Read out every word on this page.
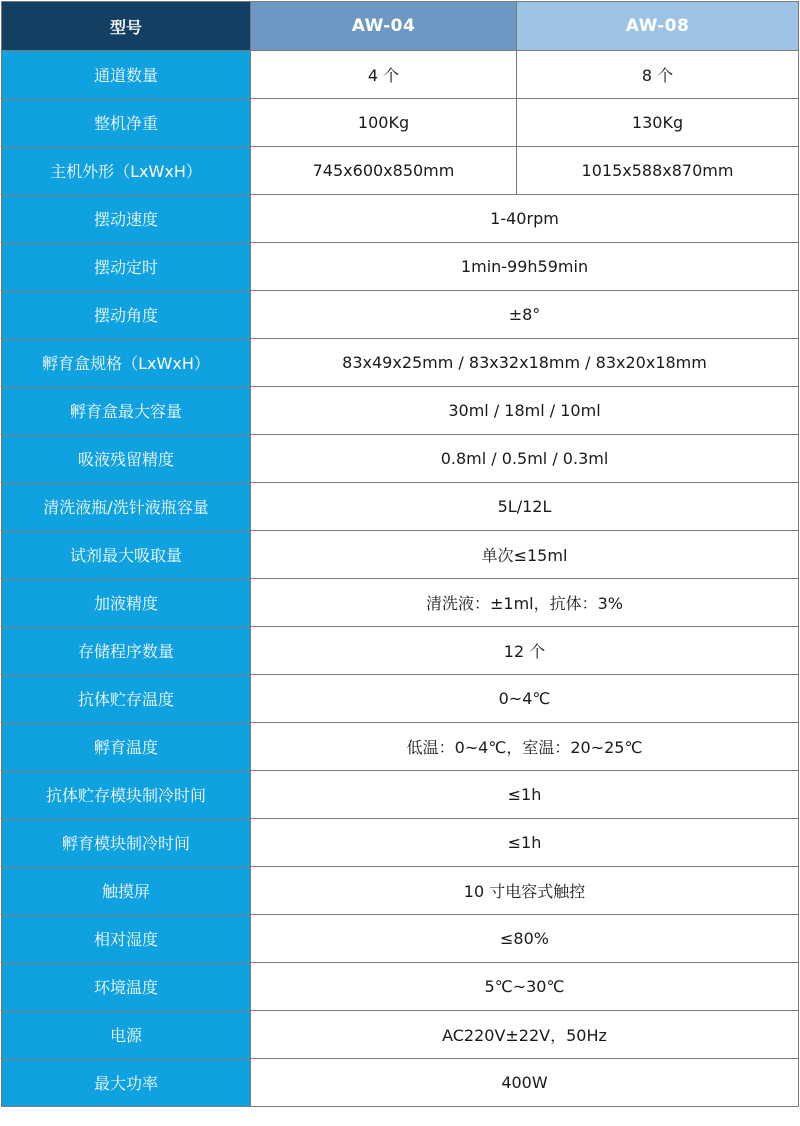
型号	AW-04	AW-08
通道数量	4 个	8 个
整机净重	100Kg	130Kg
主机外形（LxWxH）	745x600x850mm	1015x588x870mm
摆动速度	1-40rpm	
摆动定时	1min-99h59min	
摆动角度	±8°	
孵育盒规格（LxWxH）	83x49x25mm / 83x32x18mm / 83x20x18mm	
孵育盒最大容量	30ml / 18ml / 10ml	
吸液残留精度	0.8ml / 0.5ml / 0.3ml	
清洗液瓶/洗针液瓶容量	5L/12L	
试剂最大吸取量	单次≤15ml	
加液精度	清洗液：±1ml，抗体：3%	
存储程序数量	12 个	
抗体贮存温度	0~4℃	
孵育温度	低温：0~4℃，室温：20~25℃	
抗体贮存模块制冷时间	≤1h	
孵育模块制冷时间	≤1h	
触摸屏	10 寸电容式触控	
相对湿度	≤80%	
环境温度	5℃~30℃	
电源	AC220V±22V，50Hz	
最大功率	400W	
